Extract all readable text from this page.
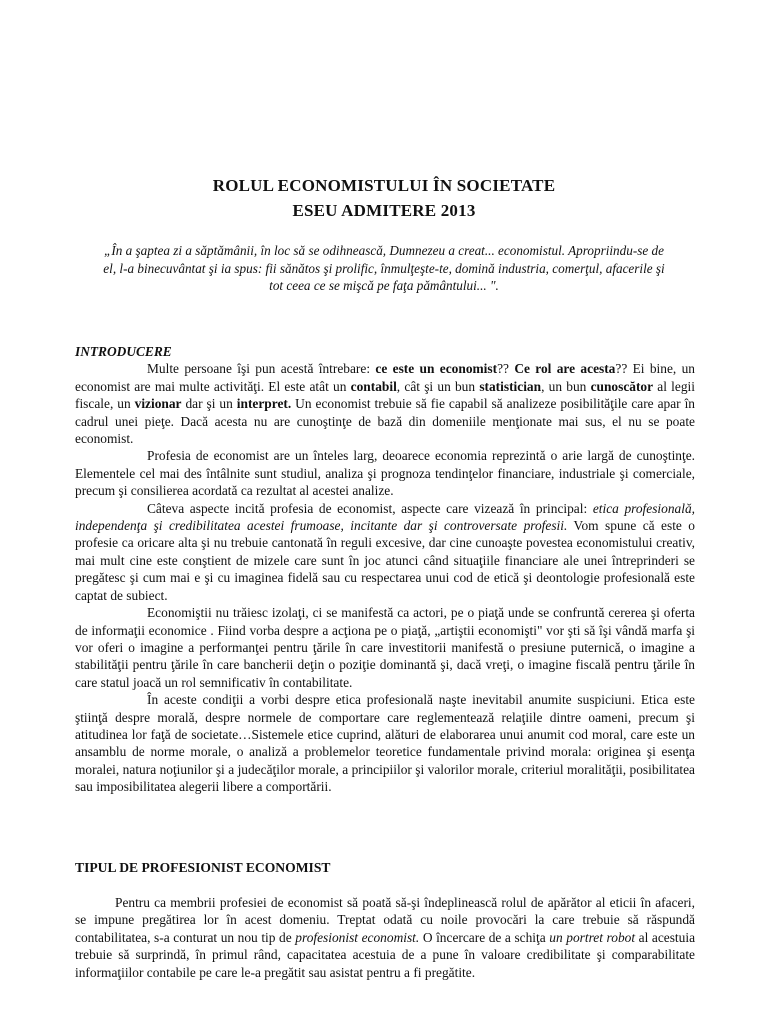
ROLUL ECONOMISTULUI ÎN SOCIETATE
ESEU ADMITERE 2013

„În a şaptea zi a săptămânii, în loc să se odihnească, Dumnezeu a creat... economistul. Apropriindu-se de el, l-a binecuvântat şi ia spus: fii sănătos şi prolific, înmulţeşte-te, domină industria, comerţul, afacerile şi tot ceea ce se mişcă pe faţa pământului... ".

INTRODUCERE

Multe persoane îşi pun acestă întrebare: ce este un economist?? Ce rol are acesta?? Ei bine, un economist are mai multe activităţi. El este atât un contabil, cât şi un bun statistician, un bun cunoscător al legii fiscale, un vizionar dar şi un interpret. Un economist trebuie să fie capabil să analizeze posibilităţile care apar în cadrul unei pieţe. Dacă acesta nu are cunoştinţe de bază din domeniile menţionate mai sus, el nu se poate economist.

Profesia de economist are un înteles larg, deoarece economia reprezintă o arie largă de cunoştinţe. Elementele cel mai des întâlnite sunt studiul, analiza şi prognoza tendinţelor financiare, industriale şi comerciale, precum şi consilierea acordată ca rezultat al acestei analize.

Câteva aspecte incită profesia de economist, aspecte care vizează în principal: etica profesională, independenţa şi credibilitatea acestei frumoase, incitante dar şi controversate profesii. Vom spune că este o profesie ca oricare alta şi nu trebuie cantonată în reguli excesive, dar cine cunoaşte povestea economistului creativ, mai mult cine este conştient de mizele care sunt în joc atunci când situaţiile financiare ale unei întreprinderi se pregătesc şi cum mai e şi cu imaginea fidelă sau cu respectarea unui cod de etică şi deontologie profesională este captat de subiect.

Economiştii nu trăiesc izolaţi, ci se manifestă ca actori, pe o piaţă unde se confruntă cererea şi oferta de informaţii economice . Fiind vorba despre a acţiona pe o piaţă, „artiştii economişti" vor şti să îşi vândă marfa şi vor oferi o imagine a performanţei pentru ţările în care investitorii manifestă o presiune puternică, o imagine a stabilităţii pentru ţările în care bancherii deţin o poziţie dominantă şi, dacă vreţi, o imagine fiscală pentru ţările în care statul joacă un rol semnificativ în contabilitate.

În aceste condiţii a vorbi despre etica profesională naşte inevitabil anumite suspiciuni. Etica este ştiinţă despre morală, despre normele de comportare care reglementează relaţiile dintre oameni, precum şi atitudinea lor faţă de societate…Sistemele etice cuprind, alături de elaborarea unui anumit cod moral, care este un ansamblu de norme morale, o analiză a problemelor teoretice fundamentale privind morala: originea şi esenţa moralei, natura noţiunilor şi a judecăţilor morale, a principiilor şi valorilor morale, criteriul moralităţii, posibilitatea sau imposibilitatea alegerii libere a comportării.

TIPUL DE PROFESIONIST ECONOMIST

Pentru ca membrii profesiei de economist să poată să-şi îndeplinească rolul de apărător al eticii în afaceri, se impune pregătirea lor în acest domeniu. Treptat odată cu noile provocări la care trebuie să răspundă contabilitatea, s-a conturat un nou tip de profesionist economist. O încercare de a schiţa un portret robot al acestuia trebuie să surprindă, în primul rând, capacitatea acestuia de a pune în valoare credibilitate şi comparabilitate informaţiilor contabile pe care le-a pregătit sau asistat pentru a fi pregătite.
